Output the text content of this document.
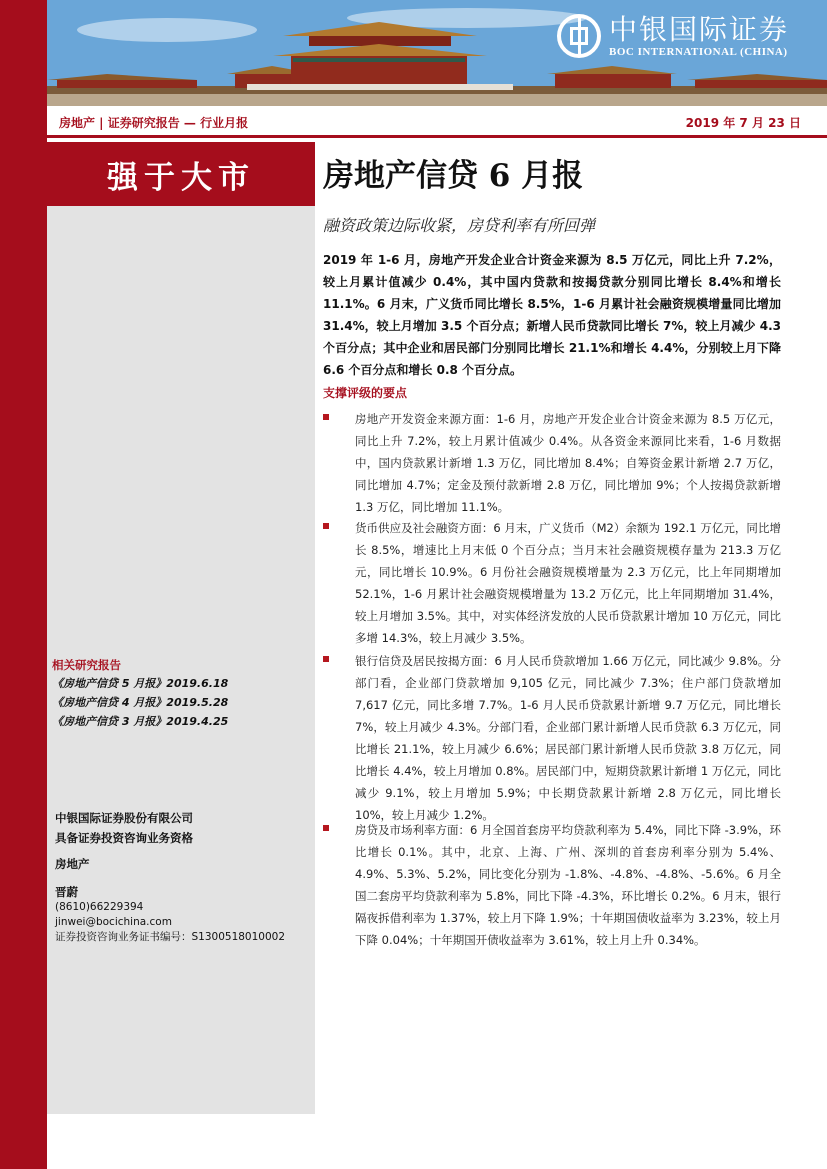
中银国际证券
BOC INTERNATIONAL (CHINA)
房地产 | 证券研究报告 — 行业月报	2019 年 7 月 23 日
强于大市 房地产信贷 6 月报
融资政策边际收紧，房贷利率有所回弹

2019 年 1-6 月，房地产开发企业合计资金来源为 8.5 万亿元，同比上升 7.2%，较上月累计值减少 0.4%，其中国内贷款和按揭贷款分别同比增长 8.4%和增长 11.1%。6 月末，广义货币同比增长 8.5%，1-6 月累计社会融资规模增量同比增加 31.4%，较上月增加 3.5 个百分点；新增人民币贷款同比增长 7%，较上月减少 4.3 个百分点；其中企业和居民部门分别同比增长 21.1%和增长 4.4%，分别较上月下降 6.6 个百分点和增长 0.8 个百分点。

支撑评级的要点

房地产开发资金来源方面：1-6 月，房地产开发企业合计资金来源为 8.5 万亿元，同比上升 7.2%，较上月累计值减少 0.4%。从各资金来源同比来看，1-6 月数据中，国内贷款累计新增 1.3 万亿，同比增加 8.4%；自筹资金累计新增 2.7 万亿，同比增加 4.7%；定金及预付款新增 2.8 万亿，同比增加 9%；个人按揭贷款新增 1.3 万亿，同比增加 11.1%。

货币供应及社会融资方面：6 月末，广义货币（M2）余额为 192.1 万亿元，同比增长 8.5%，增速比上月末低 0 个百分点；当月末社会融资规模存量为 213.3 万亿元，同比增长 10.9%。6 月份社会融资规模增量为 2.3 万亿元，比上年同期增加 52.1%，1-6 月累计社会融资规模增量为 13.2 万亿元，比上年同期增加 31.4%，较上月增加 3.5%。其中，对实体经济发放的人民币贷款累计增加 10 万亿元，同比多增 14.3%，较上月减少 3.5%。

银行信贷及居民按揭方面：6 月人民币贷款增加 1.66 万亿元，同比减少 9.8%。分部门看，企业部门贷款增加 9,105 亿元，同比减少 7.3%；住户部门贷款增加 7,617 亿元，同比多增 7.7%。1-6 月人民币贷款累计新增 9.7 万亿元，同比增长 7%，较上月减少 4.3%。分部门看，企业部门累计新增人民币贷款 6.3 万亿元，同比增长 21.1%，较上月减少 6.6%；居民部门累计新增人民币贷款 3.8 万亿元，同比增长 4.4%，较上月增加 0.8%。居民部门中，短期贷款累计新增 1 万亿元，同比减少 9.1%，较上月增加 5.9%；中长期贷款累计新增 2.8 万亿元，同比增长 10%，较上月减少 1.2%。

房贷及市场利率方面：6 月全国首套房平均贷款利率为 5.4%，同比下降 -3.9%，环比增长 0.1%。其中，北京、上海、广州、深圳的首套房利率分别为 5.4%、4.9%、5.3%、5.2%，同比变化分别为 -1.8%、-4.8%、-4.8%、-5.6%。6 月全国二套房平均贷款利率为 5.8%，同比下降 -4.3%，环比增长 0.2%。6 月末，银行隔夜拆借利率为 1.37%，较上月下降 1.9%；十年期国债收益率为 3.23%，较上月下降 0.04%；十年期国开债收益率为 3.61%，较上月上升 0.34%。

相关研究报告
《房地产信贷 5 月报》2019.6.18
《房地产信贷 4 月报》2019.5.28
《房地产信贷 3 月报》2019.4.25
中银国际证券股份有限公司
具备证券投资咨询业务资格
房地产
晋蔚
(8610)66229394
jinwei@bocichina.com
证券投资咨询业务证书编号：S1300518010002
